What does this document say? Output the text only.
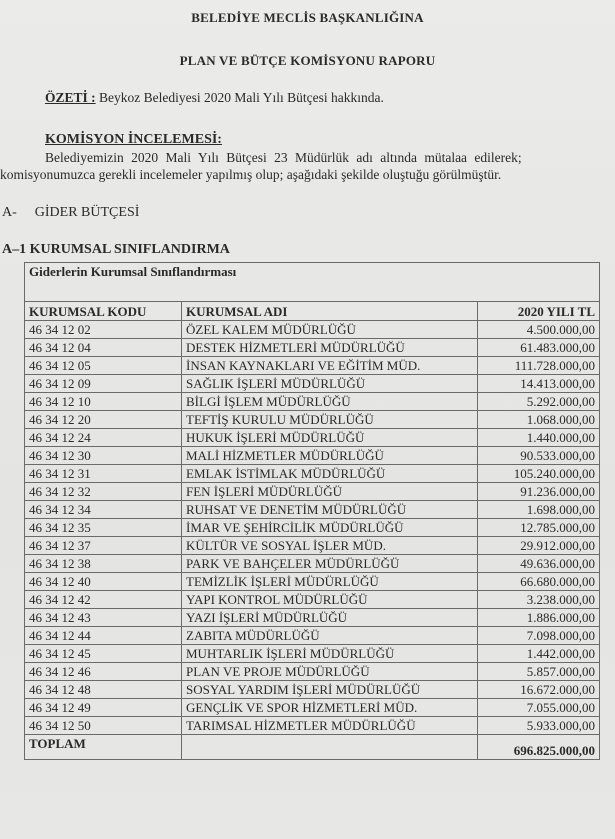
BELEDİYE MECLİS BAŞKANLIĞINA
PLAN VE BÜTÇE KOMİSYONU RAPORU
ÖZETİ : Beykoz Belediyesi 2020 Mali Yılı Bütçesi hakkında.
KOMİSYON İNCELEMESİ:
Belediyemizin 2020 Mali Yılı Bütçesi 23 Müdürlük adı altında mütalaa edilerek;
komisyonumuzca gerekli incelemeler yapılmış olup; aşağıdaki şekilde oluştuğu görülmüştür.
A- GİDER BÜTÇESİ
A–1 KURUMSAL SINIFLANDIRMA
Giderlerin Kurumsal Sınıflandırması		
KURUMSAL KODU	KURUMSAL ADI	2020 YILI TL
46 34 12 02	ÖZEL KALEM MÜDÜRLÜĞÜ	4.500.000,00
46 34 12 04	DESTEK HİZMETLERİ MÜDÜRLÜĞÜ	61.483.000,00
46 34 12 05	İNSAN KAYNAKLARI VE EĞİTİM MÜD.	111.728.000,00
46 34 12 09	SAĞLIK İŞLERİ MÜDÜRLÜĞÜ	14.413.000,00
46 34 12 10	BİLGİ İŞLEM MÜDÜRLÜĞÜ	5.292.000,00
46 34 12 20	TEFTİŞ KURULU MÜDÜRLÜĞÜ	1.068.000,00
46 34 12 24	HUKUK İŞLERİ MÜDÜRLÜĞÜ	1.440.000,00
46 34 12 30	MALİ HİZMETLER MÜDÜRLÜĞÜ	90.533.000,00
46 34 12 31	EMLAK İSTİMLAK MÜDÜRLÜĞÜ	105.240.000,00
46 34 12 32	FEN İŞLERİ MÜDÜRLÜĞÜ	91.236.000,00
46 34 12 34	RUHSAT VE DENETİM MÜDÜRLÜĞÜ	1.698.000,00
46 34 12 35	İMAR VE ŞEHİRCİLİK MÜDÜRLÜĞÜ	12.785.000,00
46 34 12 37	KÜLTÜR VE SOSYAL İŞLER MÜD.	29.912.000,00
46 34 12 38	PARK VE BAHÇELER MÜDÜRLÜĞÜ	49.636.000,00
46 34 12 40	TEMİZLİK İŞLERİ MÜDÜRLÜĞÜ	66.680.000,00
46 34 12 42	YAPI KONTROL MÜDÜRLÜĞÜ	3.238.000,00
46 34 12 43	YAZI İŞLERİ MÜDÜRLÜĞÜ	1.886.000,00
46 34 12 44	ZABITA MÜDÜRLÜĞÜ	7.098.000,00
46 34 12 45	MUHTARLIK İŞLERİ MÜDÜRLÜĞÜ	1.442.000,00
46 34 12 46	PLAN VE PROJE MÜDÜRLÜĞÜ	5.857.000,00
46 34 12 48	SOSYAL YARDIM İŞLERİ MÜDÜRLÜĞÜ	16.672.000,00
46 34 12 49	GENÇLİK VE SPOR HİZMETLERİ MÜD.	7.055.000,00
46 34 12 50	TARIMSAL HİZMETLER MÜDÜRLÜĞÜ	5.933.000,00
TOPLAM		696.825.000,00
